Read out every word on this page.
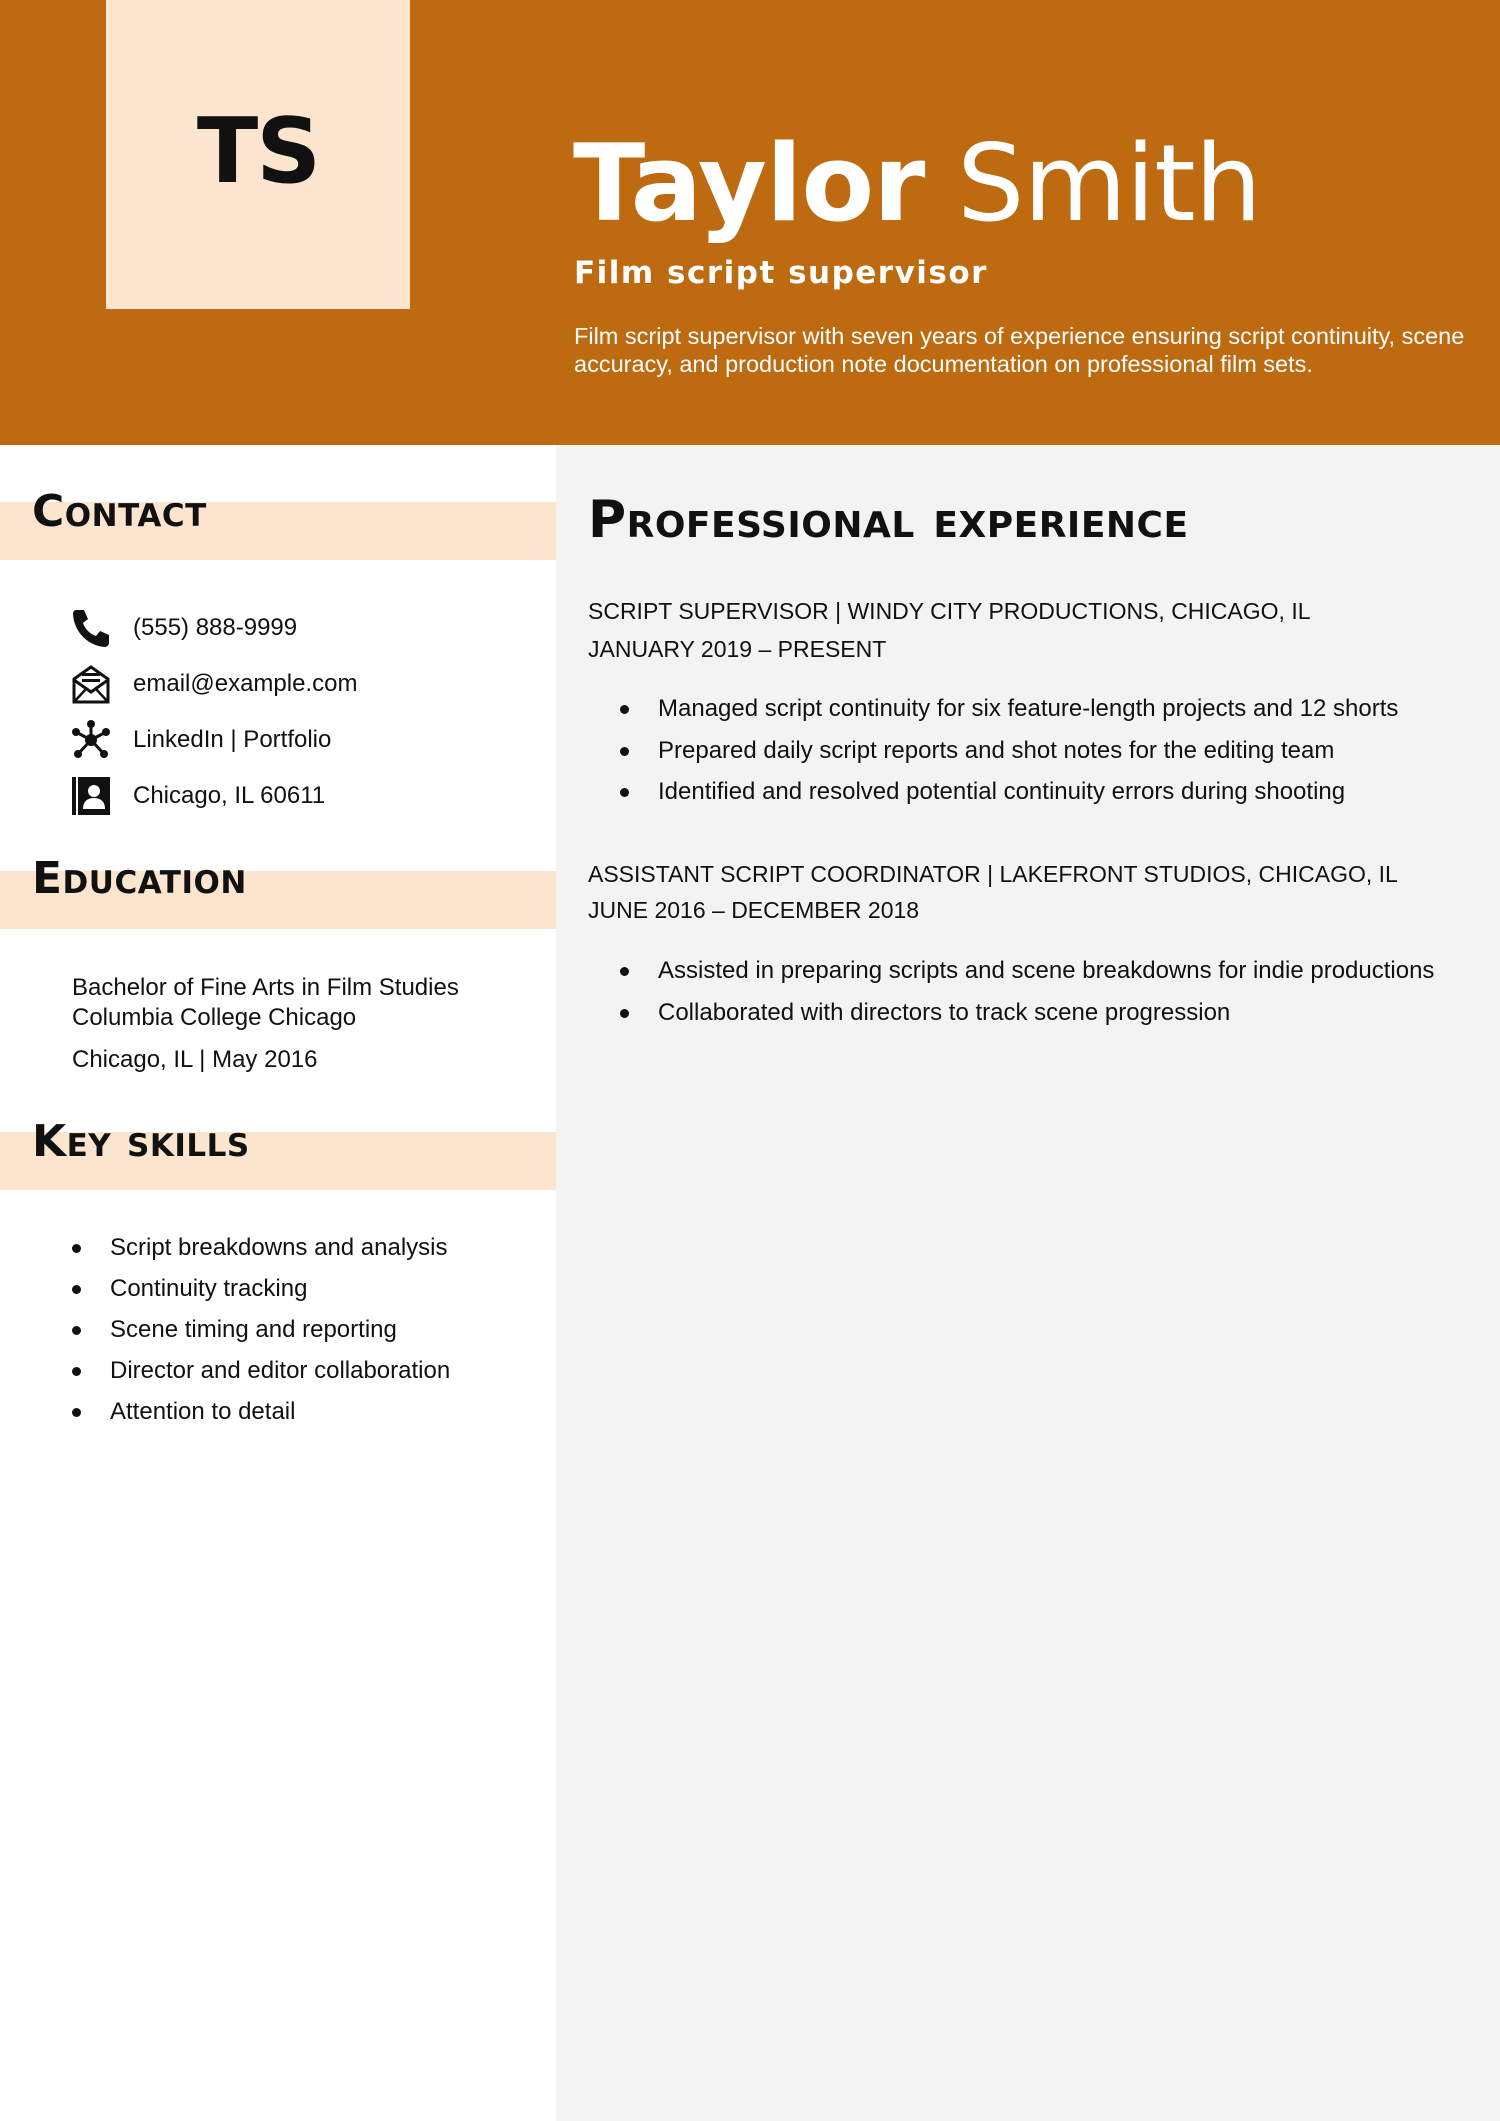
TS Taylor Smith
Film script supervisor
Film script supervisor with seven years of experience ensuring script continuity, scene accuracy, and production note documentation on professional film sets.
Contact
(555) 888-9999
email@example.com
LinkedIn | Portfolio
Chicago, IL 60611
Education
Bachelor of Fine Arts in Film Studies
Columbia College Chicago
Chicago, IL | May 2016
Key skills
Script breakdowns and analysis
Continuity tracking
Scene timing and reporting
Director and editor collaboration
Attention to detail
Professional experience
SCRIPT SUPERVISOR | WINDY CITY PRODUCTIONS, CHICAGO, IL
JANUARY 2019 – PRESENT
Managed script continuity for six feature-length projects and 12 shorts
Prepared daily script reports and shot notes for the editing team
Identified and resolved potential continuity errors during shooting
ASSISTANT SCRIPT COORDINATOR | LAKEFRONT STUDIOS, CHICAGO, IL
JUNE 2016 – DECEMBER 2018
Assisted in preparing scripts and scene breakdowns for indie productions
Collaborated with directors to track scene progression
